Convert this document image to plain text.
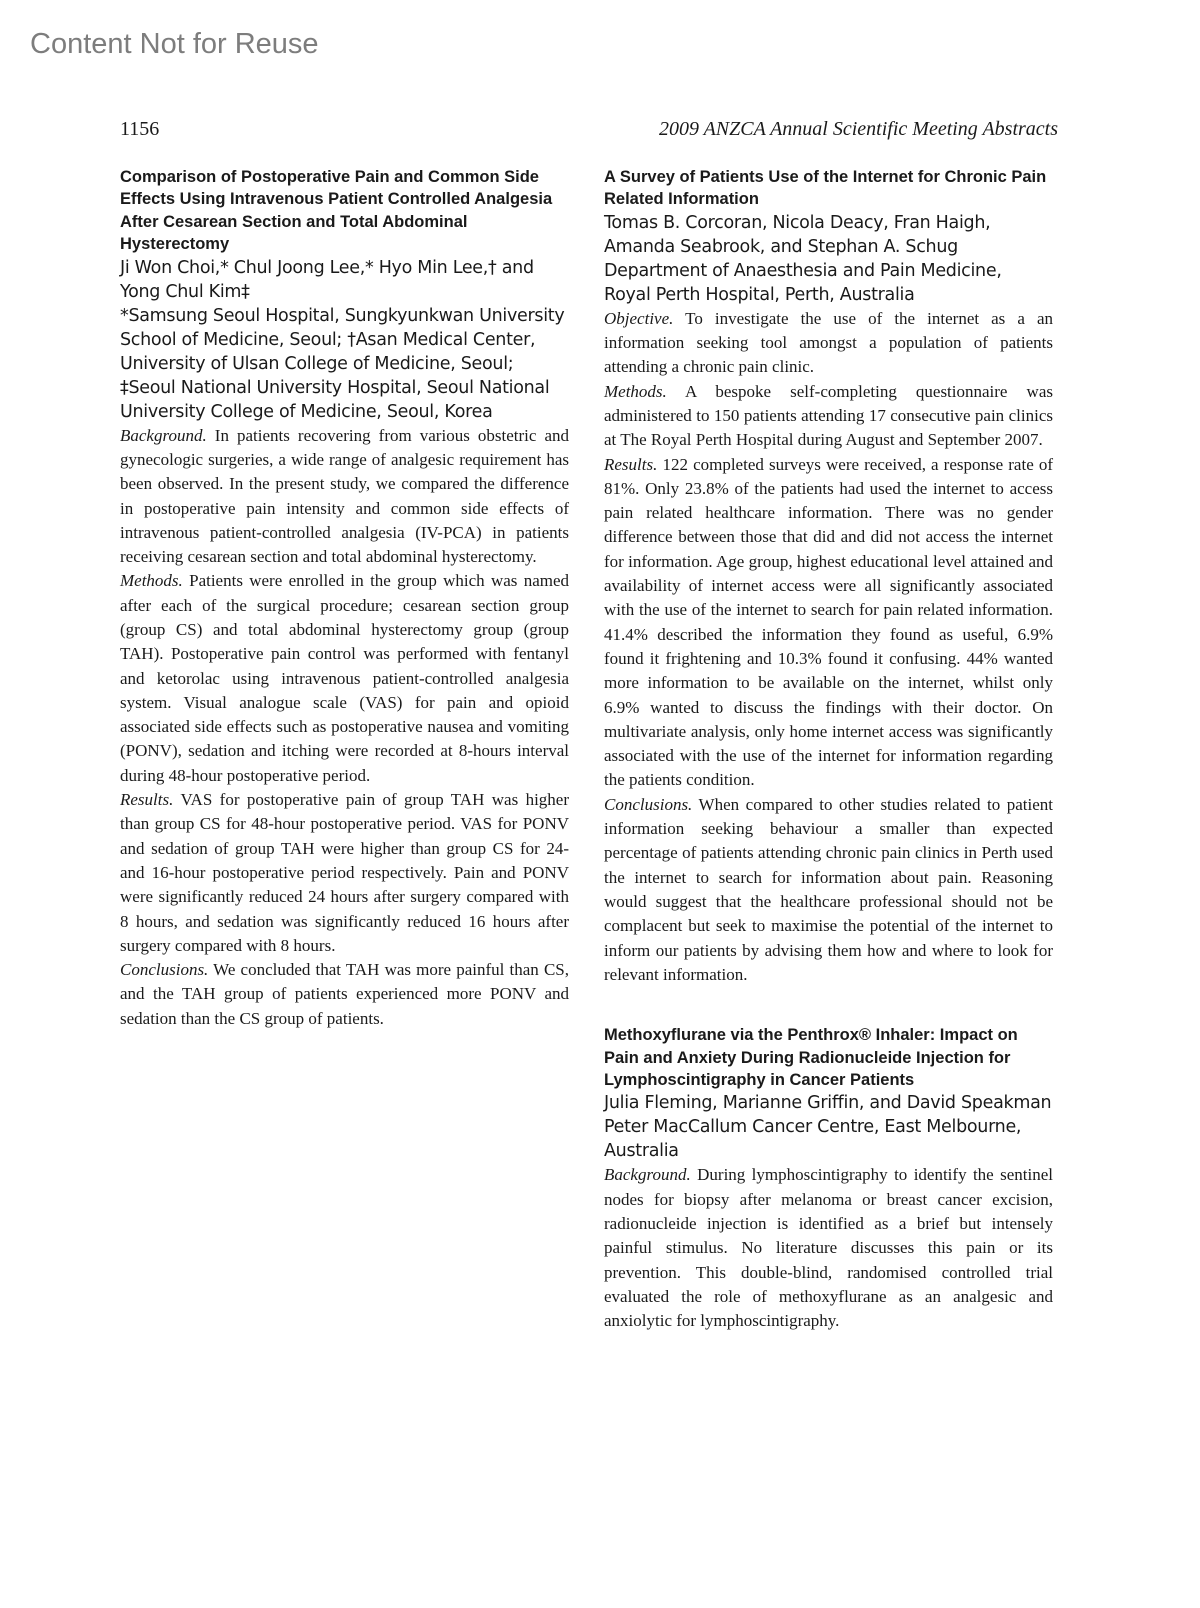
Content Not for Reuse
1156	2009 ANZCA Annual Scientific Meeting Abstracts

Comparison of Postoperative Pain and Common Side Effects Using Intravenous Patient Controlled Analgesia After Cesarean Section and Total Abdominal Hysterectomy

Ji Won Choi,* Chul Joong Lee,* Hyo Min Lee,† and Yong Chul Kim‡

*Samsung Seoul Hospital, Sungkyunkwan University School of Medicine, Seoul; †Asan Medical Center, University of Ulsan College of Medicine, Seoul; ‡Seoul National University Hospital, Seoul National University College of Medicine, Seoul, Korea

Background. In patients recovering from various obstetric and gynecologic surgeries, a wide range of analgesic requirement has been observed. In the present study, we compared the difference in postoperative pain intensity and common side effects of intravenous patient-controlled analgesia (IV-PCA) in patients receiving cesarean section and total abdominal hysterectomy.

Methods. Patients were enrolled in the group which was named after each of the surgical procedure; cesarean section group (group CS) and total abdominal hysterectomy group (group TAH). Postoperative pain control was performed with fentanyl and ketorolac using intravenous patient-controlled analgesia system. Visual analogue scale (VAS) for pain and opioid associated side effects such as postoperative nausea and vomiting (PONV), sedation and itching were recorded at 8-hours interval during 48-hour postoperative period.

Results. VAS for postoperative pain of group TAH was higher than group CS for 48-hour postoperative period. VAS for PONV and sedation of group TAH were higher than group CS for 24- and 16-hour postoperative period respectively. Pain and PONV were significantly reduced 24 hours after surgery compared with 8 hours, and sedation was significantly reduced 16 hours after surgery compared with 8 hours.

Conclusions. We concluded that TAH was more painful than CS, and the TAH group of patients experienced more PONV and sedation than the CS group of patients.

A Survey of Patients Use of the Internet for Chronic Pain Related Information

Tomas B. Corcoran, Nicola Deacy, Fran Haigh, Amanda Seabrook, and Stephan A. Schug

Department of Anaesthesia and Pain Medicine, Royal Perth Hospital, Perth, Australia

Objective. To investigate the use of the internet as a an information seeking tool amongst a population of patients attending a chronic pain clinic.

Methods. A bespoke self-completing questionnaire was administered to 150 patients attending 17 consecutive pain clinics at The Royal Perth Hospital during August and September 2007.

Results. 122 completed surveys were received, a response rate of 81%. Only 23.8% of the patients had used the internet to access pain related healthcare information. There was no gender difference between those that did and did not access the internet for information. Age group, highest educational level attained and availability of internet access were all significantly associated with the use of the internet to search for pain related information. 41.4% described the information they found as useful, 6.9% found it frightening and 10.3% found it confusing. 44% wanted more information to be available on the internet, whilst only 6.9% wanted to discuss the findings with their doctor. On multivariate analysis, only home internet access was significantly associated with the use of the internet for information regarding the patients condition.

Conclusions. When compared to other studies related to patient information seeking behaviour a smaller than expected percentage of patients attending chronic pain clinics in Perth used the internet to search for information about pain. Reasoning would suggest that the healthcare professional should not be complacent but seek to maximise the potential of the internet to inform our patients by advising them how and where to look for relevant information.

Methoxyflurane via the Penthrox® Inhaler: Impact on Pain and Anxiety During Radionucleide Injection for Lymphoscintigraphy in Cancer Patients

Julia Fleming, Marianne Griffin, and David Speakman

Peter MacCallum Cancer Centre, East Melbourne, Australia

Background. During lymphoscintigraphy to identify the sentinel nodes for biopsy after melanoma or breast cancer excision, radionucleide injection is identified as a brief but intensely painful stimulus. No literature discusses this pain or its prevention. This double-blind, randomised controlled trial evaluated the role of methoxyflurane as an analgesic and anxiolytic for lymphoscintigraphy.
